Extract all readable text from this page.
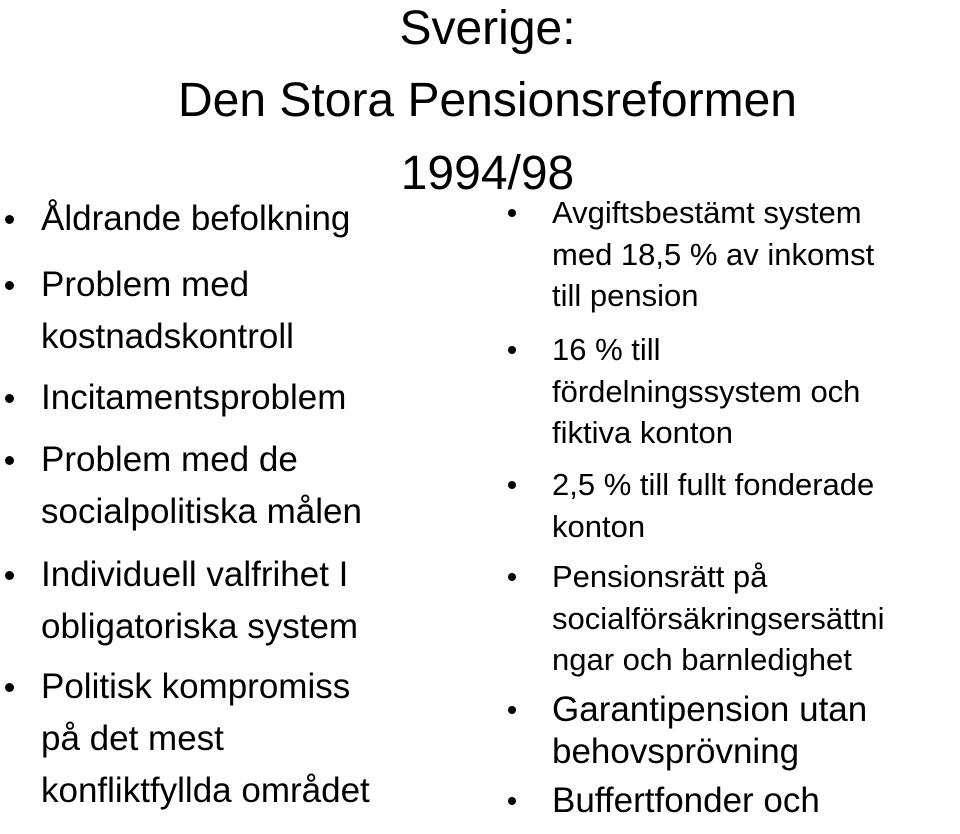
Sverige:
Den Stora Pensionsreformen
1994/98

Åldrande befolkning

Problem med
kostnadskontroll

Incitamentsproblem

Problem med de
socialpolitiska målen

Individuell valfrihet I
obligatoriska system

Politisk kompromiss
på det mest
konfliktfyllda området

Avgiftsbestämt system
med 18,5 % av inkomst
till pension

16 % till
fördelningssystem och
fiktiva konton

2,5 % till fullt fonderade
konton

Pensionsrätt på
socialförsäkringsersättni
ngar och barnledighet

Garantipension utan
behovsprövning

Buffertfonder och
